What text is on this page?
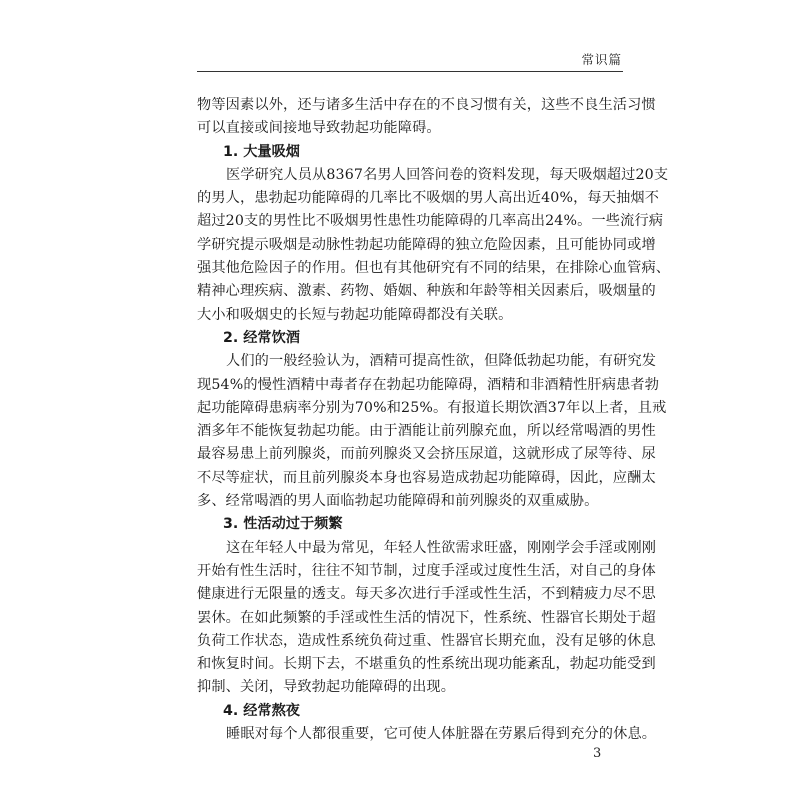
常识篇
物等因素以外，还与诸多生活中存在的不良习惯有关，这些不良生活习惯
可以直接或间接地导致勃起功能障碍。
1. 大量吸烟
医学研究人员从8367名男人回答问卷的资料发现，每天吸烟超过20支
的男人，患勃起功能障碍的几率比不吸烟的男人高出近40%，每天抽烟不
超过20支的男性比不吸烟男性患性功能障碍的几率高出24%。一些流行病
学研究提示吸烟是动脉性勃起功能障碍的独立危险因素，且可能协同或增
强其他危险因子的作用。但也有其他研究有不同的结果，在排除心血管病、
精神心理疾病、激素、药物、婚姻、种族和年龄等相关因素后，吸烟量的
大小和吸烟史的长短与勃起功能障碍都没有关联。
2. 经常饮酒
人们的一般经验认为，酒精可提高性欲，但降低勃起功能，有研究发
现54%的慢性酒精中毒者存在勃起功能障碍，酒精和非酒精性肝病患者勃
起功能障碍患病率分别为70%和25%。有报道长期饮酒37年以上者，且戒
酒多年不能恢复勃起功能。由于酒能让前列腺充血，所以经常喝酒的男性
最容易患上前列腺炎，而前列腺炎又会挤压尿道，这就形成了尿等待、尿
不尽等症状，而且前列腺炎本身也容易造成勃起功能障碍，因此，应酬太
多、经常喝酒的男人面临勃起功能障碍和前列腺炎的双重威胁。
3. 性活动过于频繁
这在年轻人中最为常见，年轻人性欲需求旺盛，刚刚学会手淫或刚刚
开始有性生活时，往往不知节制，过度手淫或过度性生活，对自己的身体
健康进行无限量的透支。每天多次进行手淫或性生活，不到精疲力尽不思
罢休。在如此频繁的手淫或性生活的情况下，性系统、性器官长期处于超
负荷工作状态，造成性系统负荷过重、性器官长期充血，没有足够的休息
和恢复时间。长期下去，不堪重负的性系统出现功能紊乱，勃起功能受到
抑制、关闭，导致勃起功能障碍的出现。
4. 经常熬夜
睡眠对每个人都很重要，它可使人体脏器在劳累后得到充分的休息。
3
